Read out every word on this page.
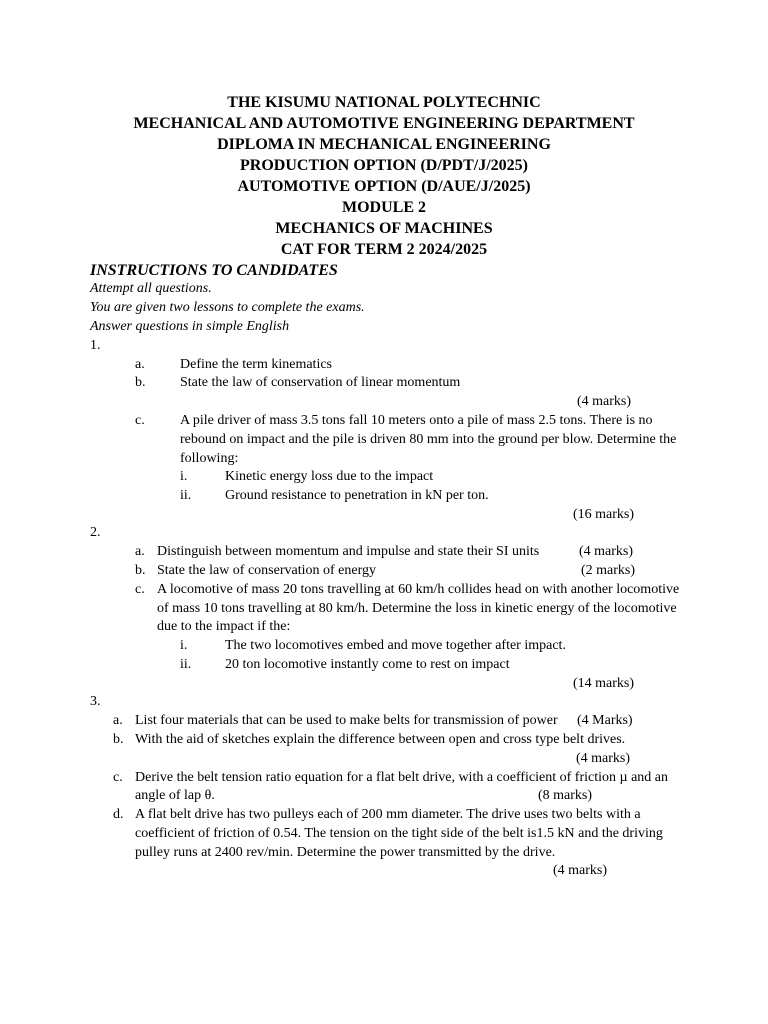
THE KISUMU NATIONAL POLYTECHNIC
MECHANICAL AND AUTOMOTIVE ENGINEERING DEPARTMENT
DIPLOMA IN MECHANICAL ENGINEERING
PRODUCTION OPTION (D/PDT/J/2025)
AUTOMOTIVE OPTION (D/AUE/J/2025)
MODULE 2
MECHANICS OF MACHINES
CAT FOR TERM 2 2024/2025
INSTRUCTIONS TO CANDIDATES
Attempt all questions.
You are given two lessons to complete the exams.
Answer questions in simple English
1.
a.	Define the term kinematics
b. State the law of conservation of linear momentum
(4 marks)
c.	A pile driver of mass 3.5 tons fall 10 meters onto a pile of mass 2.5 tons. There is no
rebound on impact and the pile is driven 80 mm into the ground per blow. Determine the
following:
i.	Kinetic energy loss due to the impact
ii. Ground resistance to penetration in kN per ton.
(16 marks)
2.
a. Distinguish between momentum and impulse and state their SI units	(4 marks)
b. State the law of conservation of energy	(2 marks)
c. A locomotive of mass 20 tons travelling at 60 km/h collides head on with another locomotive
of mass 10 tons travelling at 80 km/h. Determine the loss in kinetic energy of the locomotive
due to the impact if the:
i.	The two locomotives embed and move together after impact.
ii. 20 ton locomotive instantly come to rest on impact
(14 marks)
3.
a. List four materials that can be used to make belts for transmission of power (4 Marks)
b. With the aid of sketches explain the difference between open and cross type belt drives.
(4 marks)
c. Derive the belt tension ratio equation for a flat belt drive, with a coefficient of friction µ and an
angle of lap θ.	(8 marks)
d. A flat belt drive has two pulleys each of 200 mm diameter. The drive uses two belts with a
coefficient of friction of 0.54. The tension on the tight side of the belt is1.5 kN and the driving
pulley runs at 2400 rev/min. Determine the power transmitted by the drive.
(4 marks)
